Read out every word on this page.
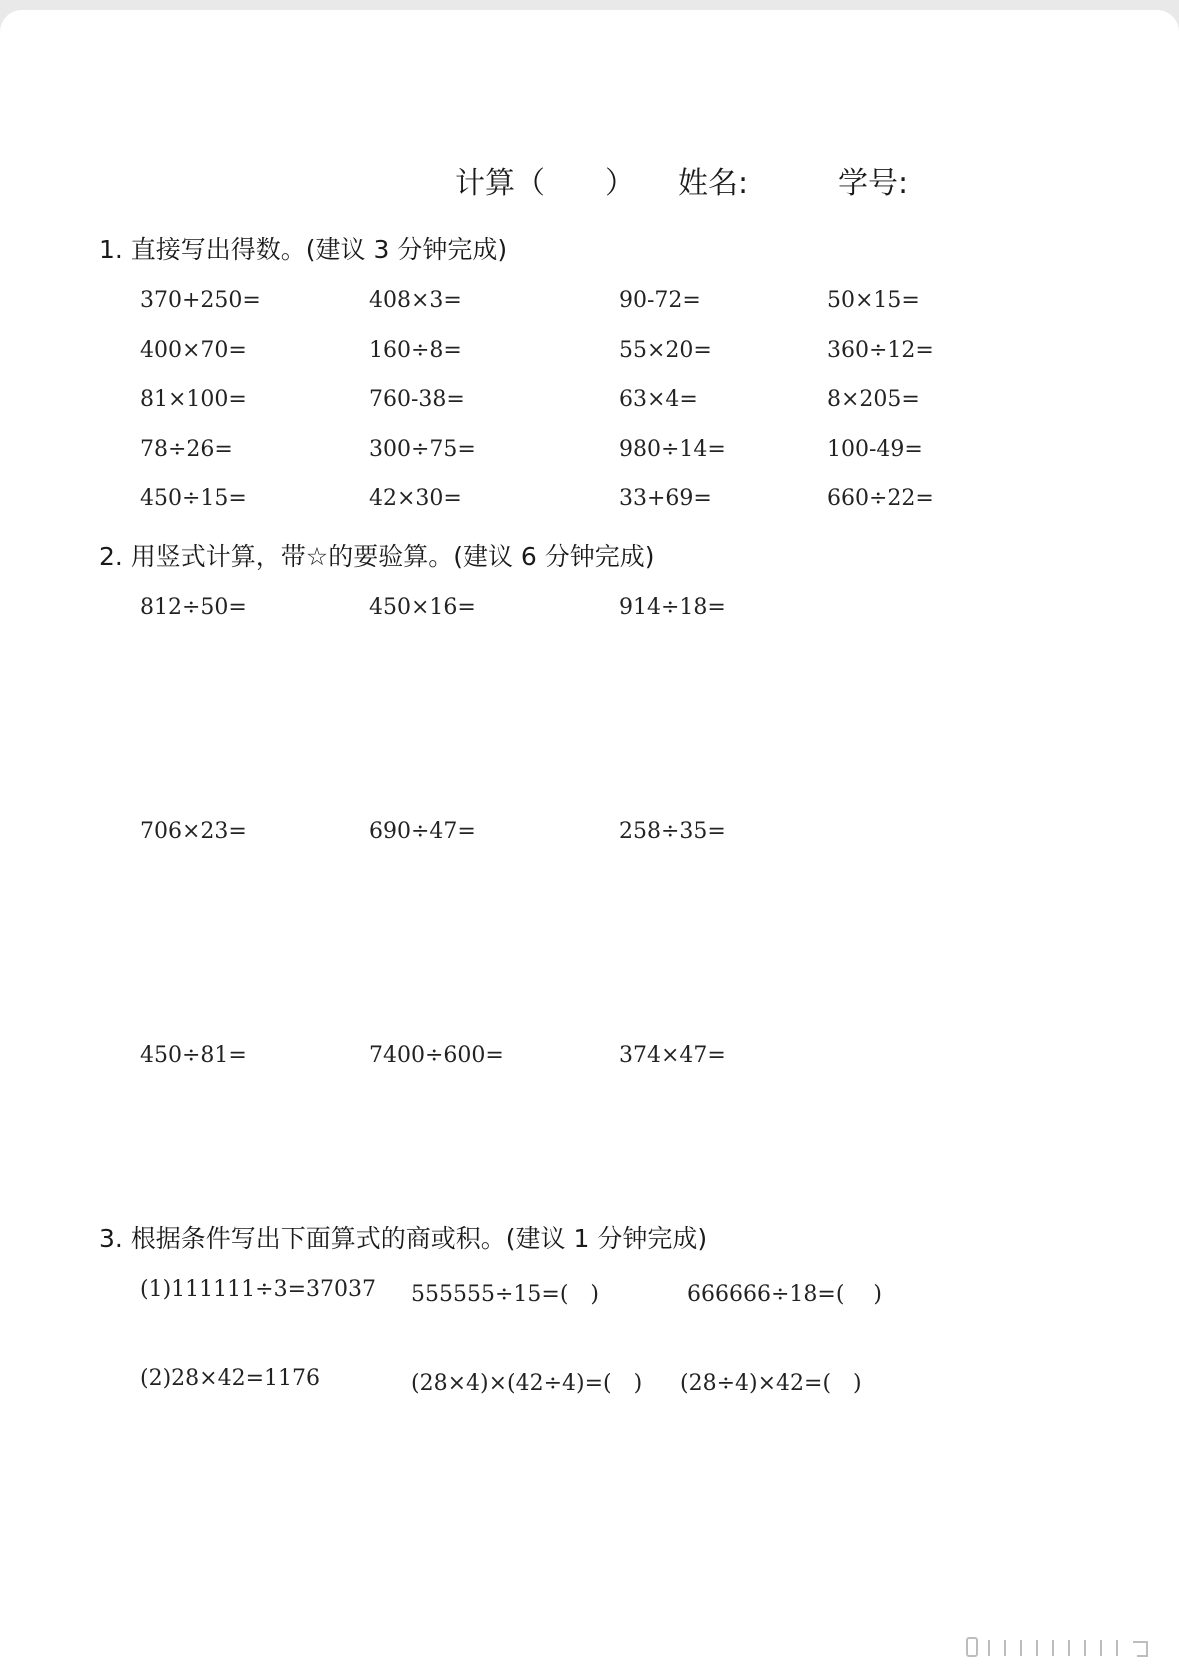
计算（　　） 姓名:	学号:
1. 直接写出得数。(建议 3 分钟完成)
370+250=	408×3=	90-72=	50×15=
400×70=	160÷8=	55×20=	360÷12=
81×100=	760-38=	63×4=	8×205=
78÷26=	300÷75=	980÷14=	100-49=
450÷15=	42×30=	33+69=	660÷22=
2. 用竖式计算，带☆的要验算。(建议 6 分钟完成)
812÷50=	450×16=	914÷18=
706×23=	690÷47=	258÷35=
450÷81=	7400÷600=	374×47=
3. 根据条件写出下面算式的商或积。(建议 1 分钟完成)
(1)111111÷3=37037 555555÷15=(　)	666666÷18=(　 )
(2)28×42=1176	(28×4)×(42÷4)=(　) (28÷4)×42=(　)
